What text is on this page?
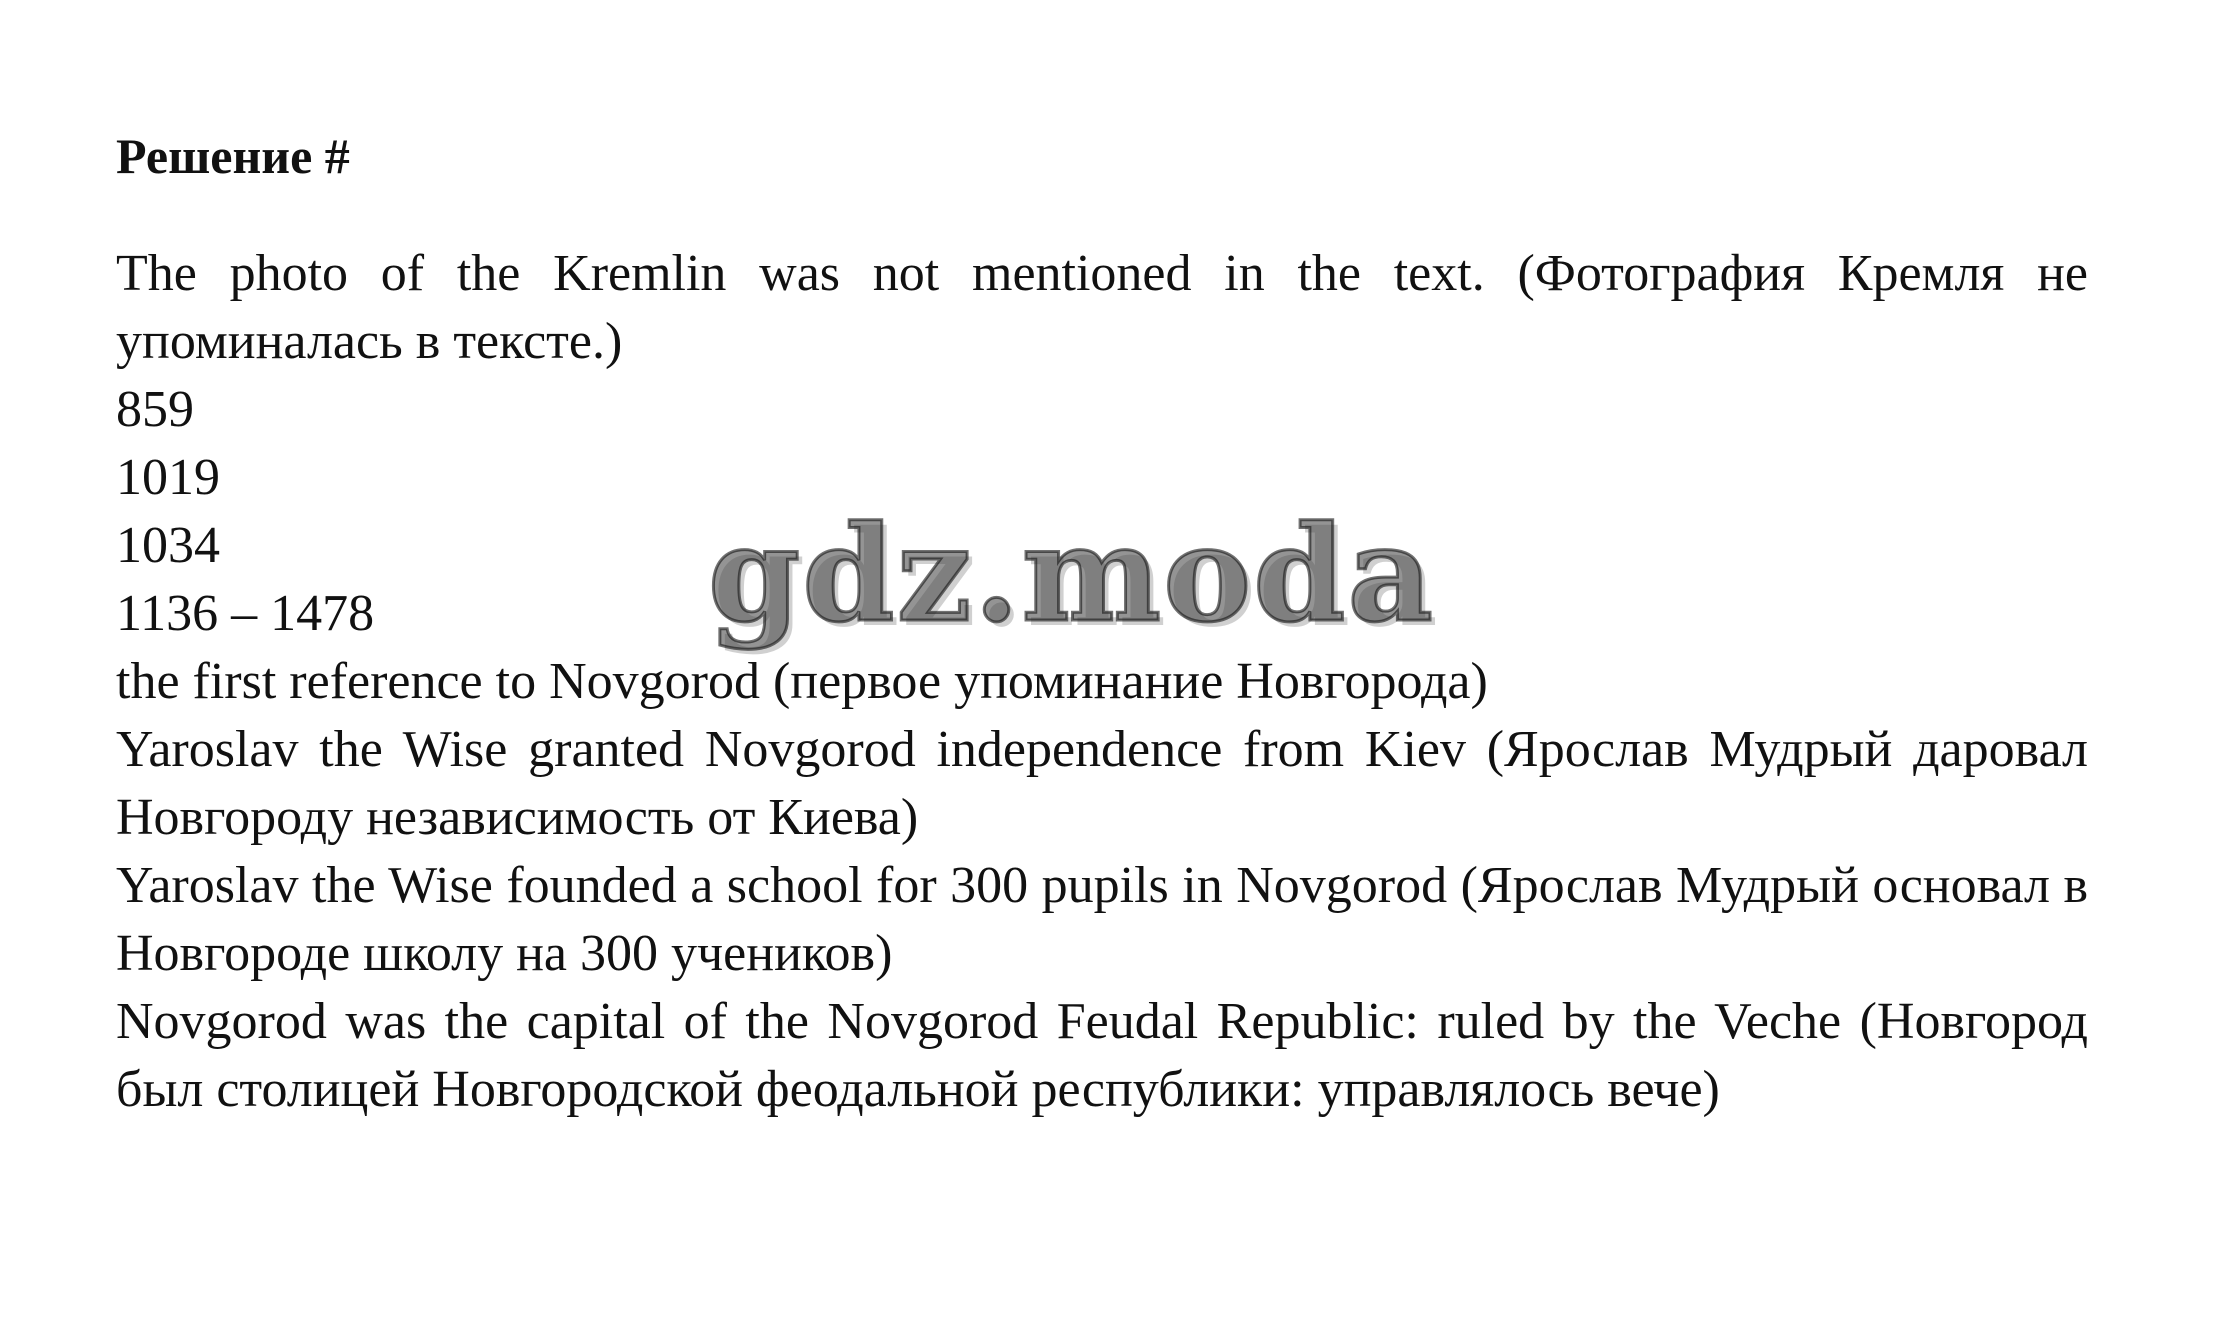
Решение #

The photo of the Kremlin was not mentioned in the text. (Фотография Кремля не упоминалась в тексте.)

859

1019

1034

1136 – 1478

the first reference to Novgorod (первое упоминание Новгорода)

Yaroslav the Wise granted Novgorod independence from Kiev (Ярослав Мудрый даровал Новгороду независимость от Киева)

Yaroslav the Wise founded a school for 300 pupils in Novgorod (Ярослав Мудрый основал в Новгороде школу на 300 учеников)

Novgorod was the capital of the Novgorod Feudal Republic: ruled by the Veche (Новгород был столицей Новгородской феодальной республики: управлялось вече)

gdz.moda
